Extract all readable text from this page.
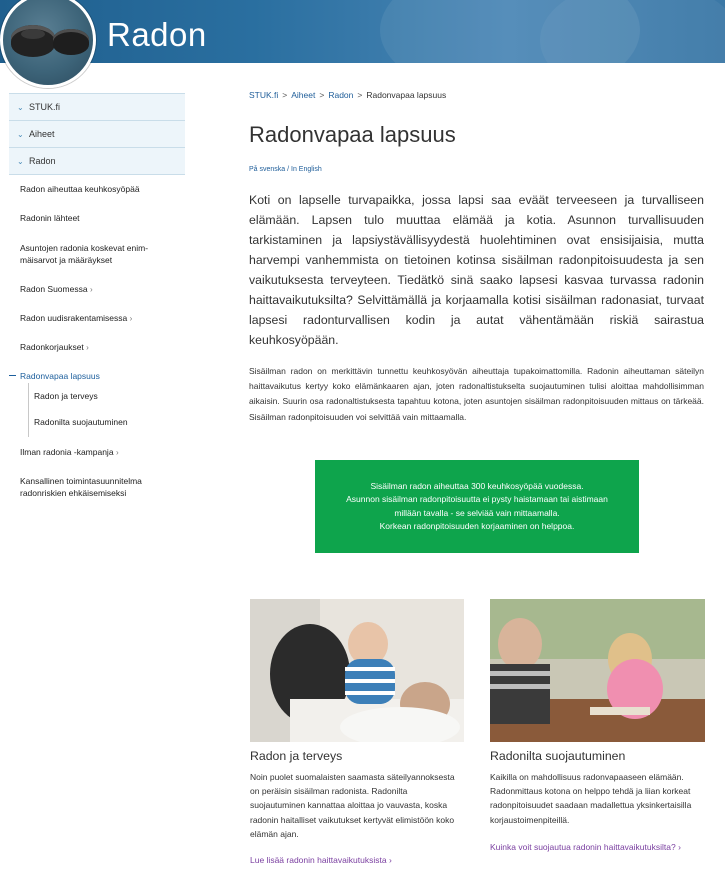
Radon
⌄ STUK.fi
⌄ Aiheet
⌄ Radon
Radon aiheuttaa keuhkosyöpää
Radonin lähteet
Asuntojen radonia koskevat enim-
mäisarvot ja määräykset
Radon Suomessa ›
Radon uudisrakentamisessa ›
Radonkorjaukset ›
Radonvapaa lapsuus
Radon ja terveys
Radonilta suojautuminen
Ilman radonia -kampanja ›
Kansallinen toimintasuunnitelma
radonriskien ehkäisemiseksi
STUK.fi > Aiheet > Radon > Radonvapaa lapsuus
Radonvapaa lapsuus
På svenska / In English

Koti on lapselle turvapaikka, jossa lapsi saa eväät terveeseen ja turvalliseen elämään. Lapsen tulo muuttaa elämää ja kotia. Asunnon turvallisuuden tarkistaminen ja lapsiystävällisyydestä huolehtiminen ovat ensisijaisia, mutta harvempi vanhemmista on tietoinen kotinsa sisäilman radonpitoisuudesta ja sen vaikutuksesta terveyteen. Tiedätkö sinä saako lapsesi kasvaa turvassa radonin haittavaikutuksilta? Selvittämällä ja korjaamalla kotisi sisäilman radonasiat, turvaat lapsesi radonturvallisen kodin ja autat vähentämään riskiä sairastua keuhkosyöpään.

Sisäilman radon on merkittävin tunnettu keuhkosyövän aiheuttaja tupakoimattomilla. Radonin aiheuttaman säteilyn haittavaikutus kertyy koko elämänkaaren ajan, joten radonaltistukselta suojautuminen tulisi aloittaa mahdollisimman aikaisin. Suurin osa radonaltistuksesta tapahtuu kotona, joten asuntojen sisäilman radonpitoisuuden mittaus on tärkeää. Sisäilman radonpitoisuuden voi selvittää vain mittaamalla.

Sisäilman radon aiheuttaa 300 keuhkosyöpää vuodessa.
Asunnon sisäilman radonpitoisuutta ei pysty haistamaan tai aistimaan
millään tavalla - se selviää vain mittaamalla.
Korkean radonpitoisuuden korjaaminen on helppoa.
Radon ja terveys

Noin puolet suomalaisten saamasta säteilyannoksesta on peräisin sisäilman radonista. Radonilta suojautuminen kannattaa aloittaa jo vauvasta, koska radonin haitalliset vaikutukset kertyvät elimistöön koko elämän ajan.

Lue lisää radonin haittavaikutuksista ›
Radonilta suojautuminen

Kaikilla on mahdollisuus radonvapaaseen elämään. Radonmittaus kotona on helppo tehdä ja liian korkeat radonpitoisuudet saadaan madallettua yksinkertaisilla korjaustoimenpiteillä.

Kuinka voit suojautua radonin haittavaikutuksilta? ›
